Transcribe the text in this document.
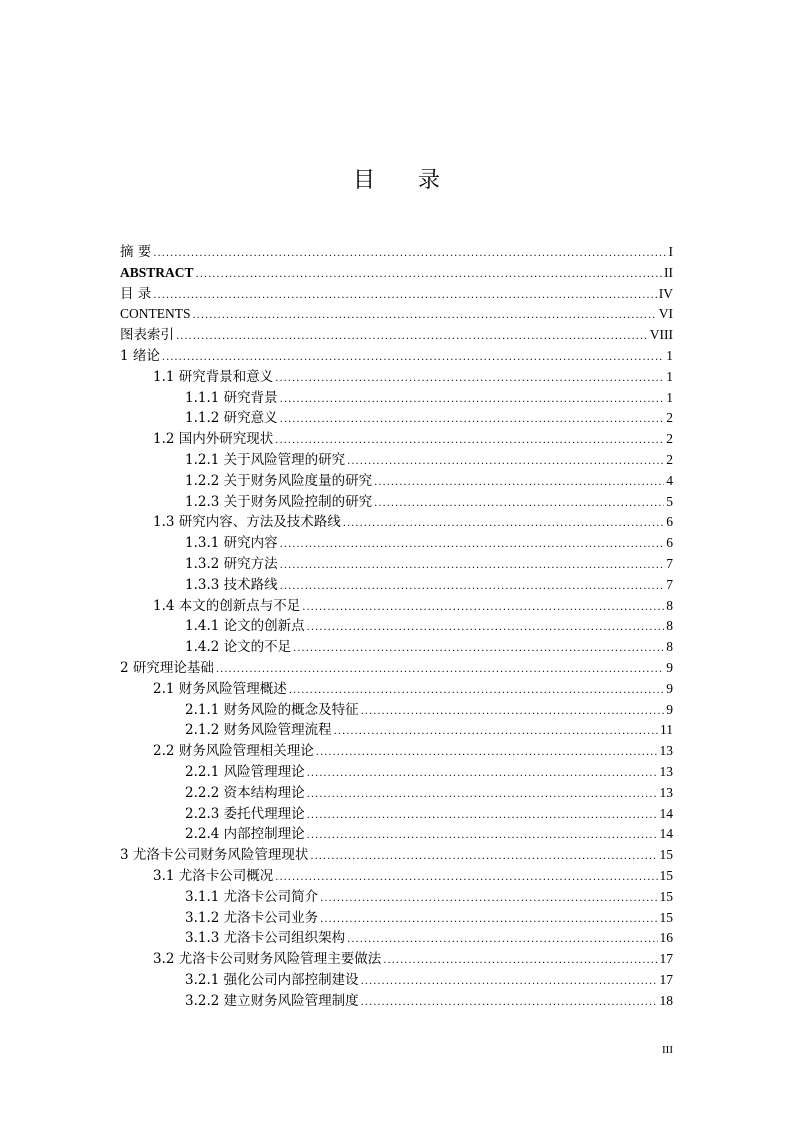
目 录
摘 要 .....	I
ABSTRACT .....	II
目 录 .....	IV
CONTENTS .....	VI
图表索引 .....	VIII
1 绪论 .....	1
1.1 研究背景和意义 .....	1
1.1.1 研究背景 .....	1
1.1.2 研究意义 .....	2
1.2 国内外研究现状 .....	2
1.2.1 关于风险管理的研究 .....	2
1.2.2 关于财务风险度量的研究 .....	4
1.2.3 关于财务风险控制的研究 .....	5
1.3 研究内容、方法及技术路线 .....	6
1.3.1 研究内容 .....	6
1.3.2 研究方法 .....	7
1.3.3 技术路线 .....	7
1.4 本文的创新点与不足 .....	8
1.4.1 论文的创新点 .....	8
1.4.2 论文的不足 .....	8
2 研究理论基础 .....	9
2.1 财务风险管理概述 .....	9
2.1.1 财务风险的概念及特征 .....	9
2.1.2 财务风险管理流程 .....	11
2.2 财务风险管理相关理论 .....	13
2.2.1 风险管理理论 .....	13
2.2.2 资本结构理论 .....	13
2.2.3 委托代理理论 .....	14
2.2.4 内部控制理论 .....	14
3 尤洛卡公司财务风险管理现状 .....	15
3.1 尤洛卡公司概况 .....	15
3.1.1 尤洛卡公司简介 .....	15
3.1.2 尤洛卡公司业务 .....	15
3.1.3 尤洛卡公司组织架构 .....	16
3.2 尤洛卡公司财务风险管理主要做法 .....	17
3.2.1 强化公司内部控制建设 .....	17
3.2.2 建立财务风险管理制度 .....	18
III
